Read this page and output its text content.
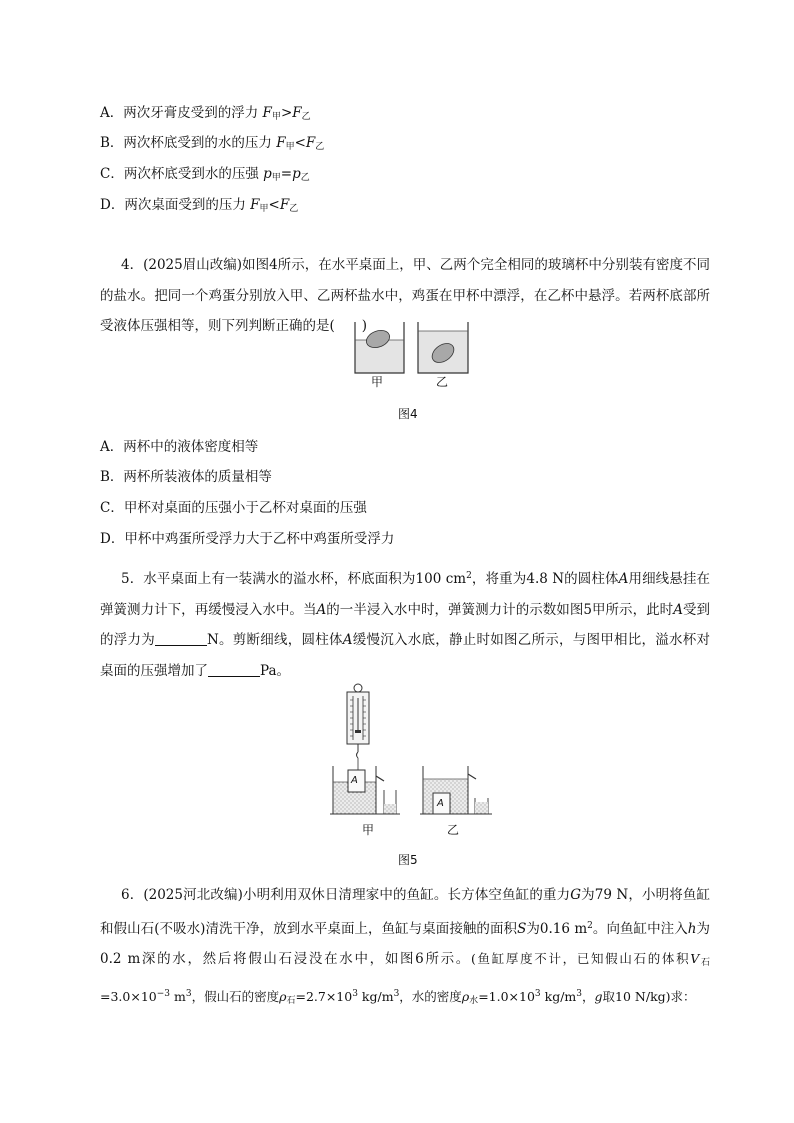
A．两次牙膏皮受到的浮力 $F_甲>F_乙$
B．两次杯底受到的水的压力 $F_甲<F_乙$
C．两次杯底受到水的压强 $p_甲=p_乙$
D．两次桌面受到的压力 $F_甲<F_乙$
4．(2025眉山改编)如图4所示，在水平桌面上，甲、乙两个完全相同的玻璃杯中分别装有密度不同的盐水。把同一个鸡蛋分别放入甲、乙两杯盐水中，鸡蛋在甲杯中漂浮，在乙杯中悬浮。若两杯底部所受液体压强相等，则下列判断正确的是(　　)
甲	乙
图4
A．两杯中的液体密度相等
B．两杯所装液体的质量相等
C．甲杯对桌面的压强小于乙杯对桌面的压强
D．甲杯中鸡蛋所受浮力大于乙杯中鸡蛋所受浮力
5．水平桌面上有一装满水的溢水杯，杯底面积为100 $cm^2$，将重为4.8 N的圆柱体A用细线悬挂在弹簧测力计下，再缓慢浸入水中。当A的一半浸入水中时，弹簧测力计的示数如图5甲所示，此时A受到的浮力为	N。剪断细线，圆柱体A缓慢沉入水底，静止时如图乙所示，与图甲相比，溢水杯对桌面的压强增加了	Pa。
A
A
甲	乙
图5
6．(2025河北改编)小明利用双休日清理家中的鱼缸。长方体空鱼缸的重力G为79 N，小明将鱼缸和假山石(不吸水)清洗干净，放到水平桌面上，鱼缸与桌面接触的面积S为0.16 $m^2$。向鱼缸中注入h为0.2 m深的水，然后将假山石浸没在水中，如图6所示。(鱼缸厚度不计，已知假山石的体积$V_石=3.0\times 10^{-3}$ $m^3$，假山石的密度$\rho_石=2.7\times 10^3$ $kg/m^3$，水的密度$\rho_水=1.0\times 10^3$ $kg/m^3$，g取10 N/kg)求：
